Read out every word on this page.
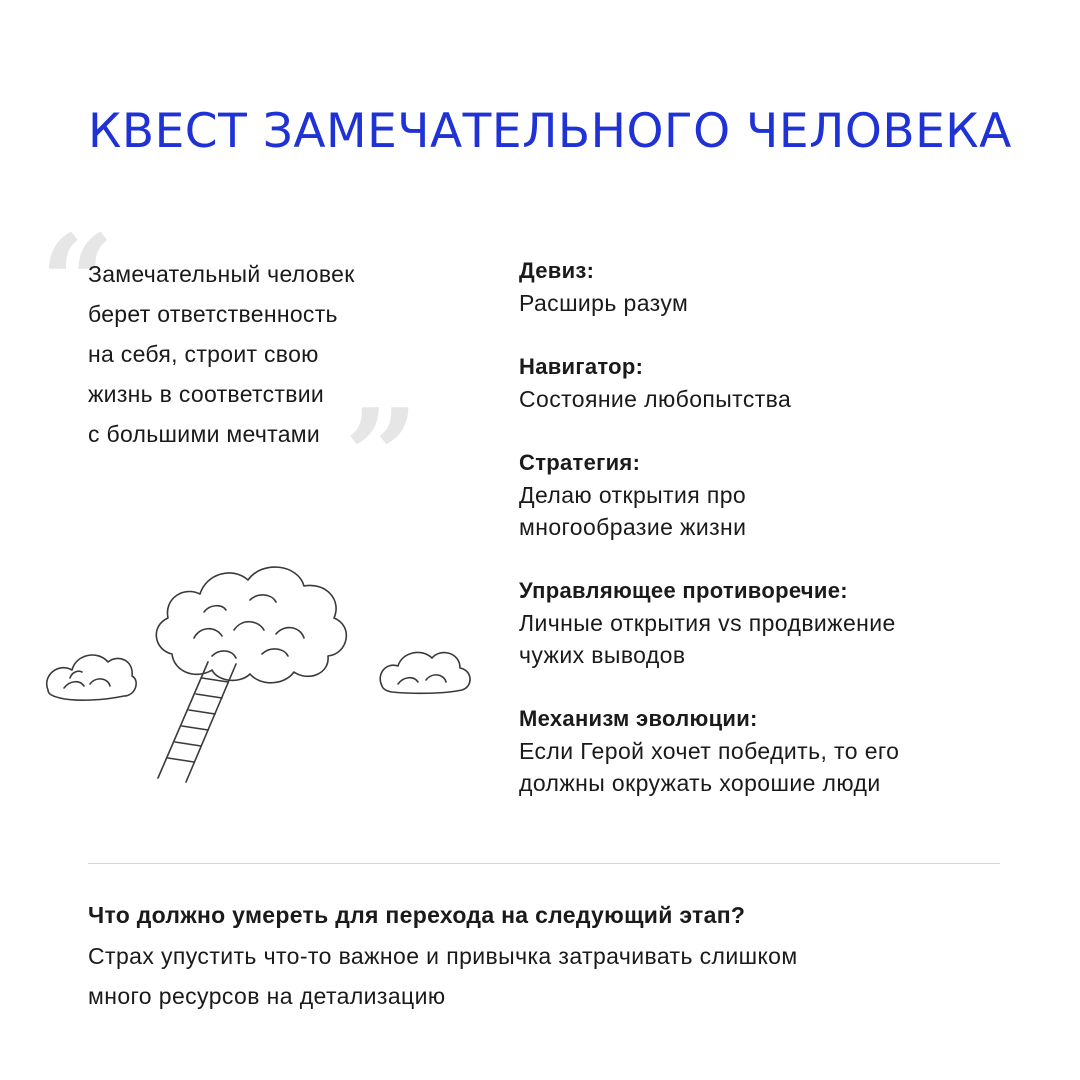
КВЕСТ ЗАМЕЧАТЕЛЬНОГО ЧЕЛОВЕКА
“
”
Замечательный человек
берет ответственность
на себя, строит свою
жизнь в соответствии
с большими мечтами
Девиз:
Расширь разум
Навигатор:
Состояние любопытства
Стратегия:
Делаю открытия про
многообразие жизни
Управляющее противоречие:
Личные открытия vs продвижение
чужих выводов
Механизм эволюции:
Если Герой хочет победить, то его
должны окружать хорошие люди
Что должно умереть для перехода на следующий этап?
Страх упустить что-то важное и привычка затрачивать слишком
много ресурсов на детализацию
